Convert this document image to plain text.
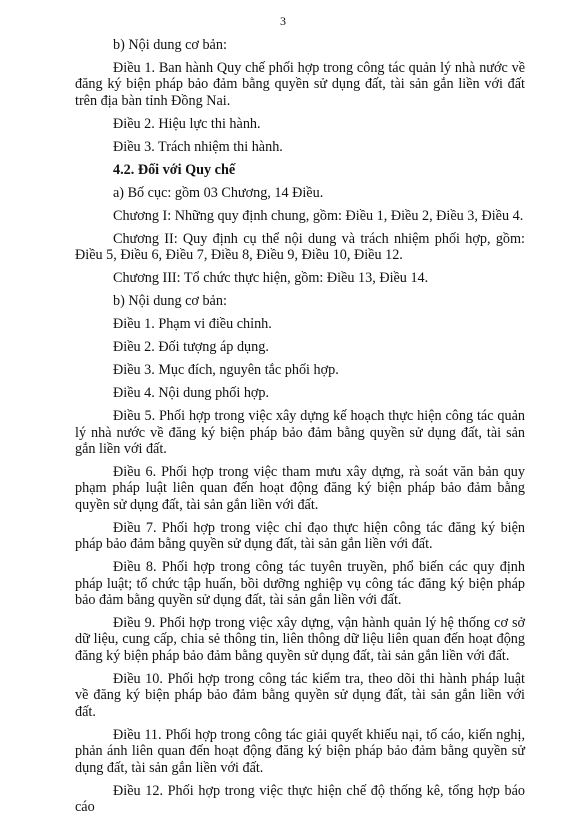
3

b) Nội dung cơ bản:

Điều 1. Ban hành Quy chế phối hợp trong công tác quản lý nhà nước về đăng ký biện pháp bảo đảm bằng quyền sử dụng đất, tài sản gắn liền với đất trên địa bàn tỉnh Đồng Nai.

Điều 2. Hiệu lực thi hành.

Điều 3. Trách nhiệm thi hành.

4.2. Đối với Quy chế

a) Bố cục: gồm 03 Chương, 14 Điều.

Chương I: Những quy định chung, gồm: Điều 1, Điều 2, Điều 3, Điều 4.

Chương II: Quy định cụ thể nội dung và trách nhiệm phối hợp, gồm: Điều 5, Điều 6, Điều 7, Điều 8, Điều 9, Điều 10, Điều 12.

Chương III: Tổ chức thực hiện, gồm: Điều 13, Điều 14.

b) Nội dung cơ bản:

Điều 1. Phạm vi điều chỉnh.

Điều 2. Đối tượng áp dụng.

Điều 3. Mục đích, nguyên tắc phối hợp.

Điều 4. Nội dung phối hợp.

Điều 5. Phối hợp trong việc xây dựng kế hoạch thực hiện công tác quản lý nhà nước về đăng ký biện pháp bảo đảm bằng quyền sử dụng đất, tài sản gắn liền với đất.

Điều 6. Phối hợp trong việc tham mưu xây dựng, rà soát văn bản quy phạm pháp luật liên quan đến hoạt động đăng ký biện pháp bảo đảm bằng quyền sử dụng đất, tài sản gắn liền với đất.

Điều 7. Phối hợp trong việc chỉ đạo thực hiện công tác đăng ký biện pháp bảo đảm bằng quyền sử dụng đất, tài sản gắn liền với đất.

Điều 8. Phối hợp trong công tác tuyên truyền, phổ biến các quy định pháp luật; tổ chức tập huấn, bồi dưỡng nghiệp vụ công tác đăng ký biện pháp bảo đảm bằng quyền sử dụng đất, tài sản gắn liền với đất.

Điều 9. Phối hợp trong việc xây dựng, vận hành quản lý hệ thống cơ sở dữ liệu, cung cấp, chia sẻ thông tin, liên thông dữ liệu liên quan đến hoạt động đăng ký biện pháp bảo đảm bằng quyền sử dụng đất, tài sản gắn liền với đất.

Điều 10. Phối hợp trong công tác kiểm tra, theo dõi thi hành pháp luật về đăng ký biện pháp bảo đảm bằng quyền sử dụng đất, tài sản gắn liền với đất.

Điều 11. Phối hợp trong công tác giải quyết khiếu nại, tố cáo, kiến nghị, phản ánh liên quan đến hoạt động đăng ký biện pháp bảo đảm bằng quyền sử dụng đất, tài sản gắn liền với đất.

Điều 12. Phối hợp trong việc thực hiện chế độ thống kê, tổng hợp báo cáo
